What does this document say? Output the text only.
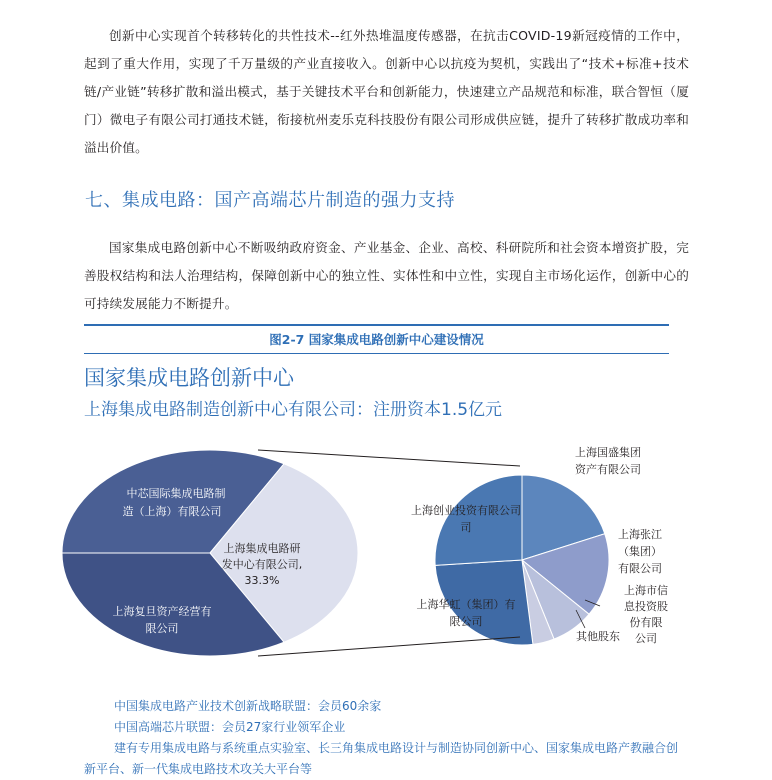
创新中心实现首个转移转化的共性技术--红外热堆温度传感器，在抗击COVID-19新冠疫情的工作中，起到了重大作用，实现了千万量级的产业直接收入。创新中心以抗疫为契机，实践出了“技术+标准+技术链/产业链”转移扩散和溢出模式，基于关键技术平台和创新能力，快速建立产品规范和标准，联合智恒（厦门）微电子有限公司打通技术链，衔接杭州麦乐克科技股份有限公司形成供应链，提升了转移扩散成功率和溢出价值。
七、集成电路：国产高端芯片制造的强力支持
国家集成电路创新中心不断吸纳政府资金、产业基金、企业、高校、科研院所和社会资本增资扩股，完善股权结构和法人治理结构，保障创新中心的独立性、实体性和中立性，实现自主市场化运作，创新中心的可持续发展能力不断提升。
图2-7 国家集成电路创新中心建设情况
国家集成电路创新中心
上海集成电路制造创新中心有限公司：注册资本1.5亿元
中芯国际集成电路制
造（上海）有限公司
上海集成电路研
发中心有限公司,
33.3%
上海复旦资产经营有
限公司
上海国盛集团
资产有限公司
上海创业投资有限公司
司
上海张江
（集团）
有限公司
上海市信
息投资股
份有限
公司
上海华虹（集团）有
限公司
其他股东
中国集成电路产业技术创新战略联盟：会员60余家
中国高端芯片联盟：会员27家行业领军企业
建有专用集成电路与系统重点实验室、长三角集成电路设计与制造协同创新中心、国家集成电路产教融合创新平台、新一代集成电路技术攻关大平台等
